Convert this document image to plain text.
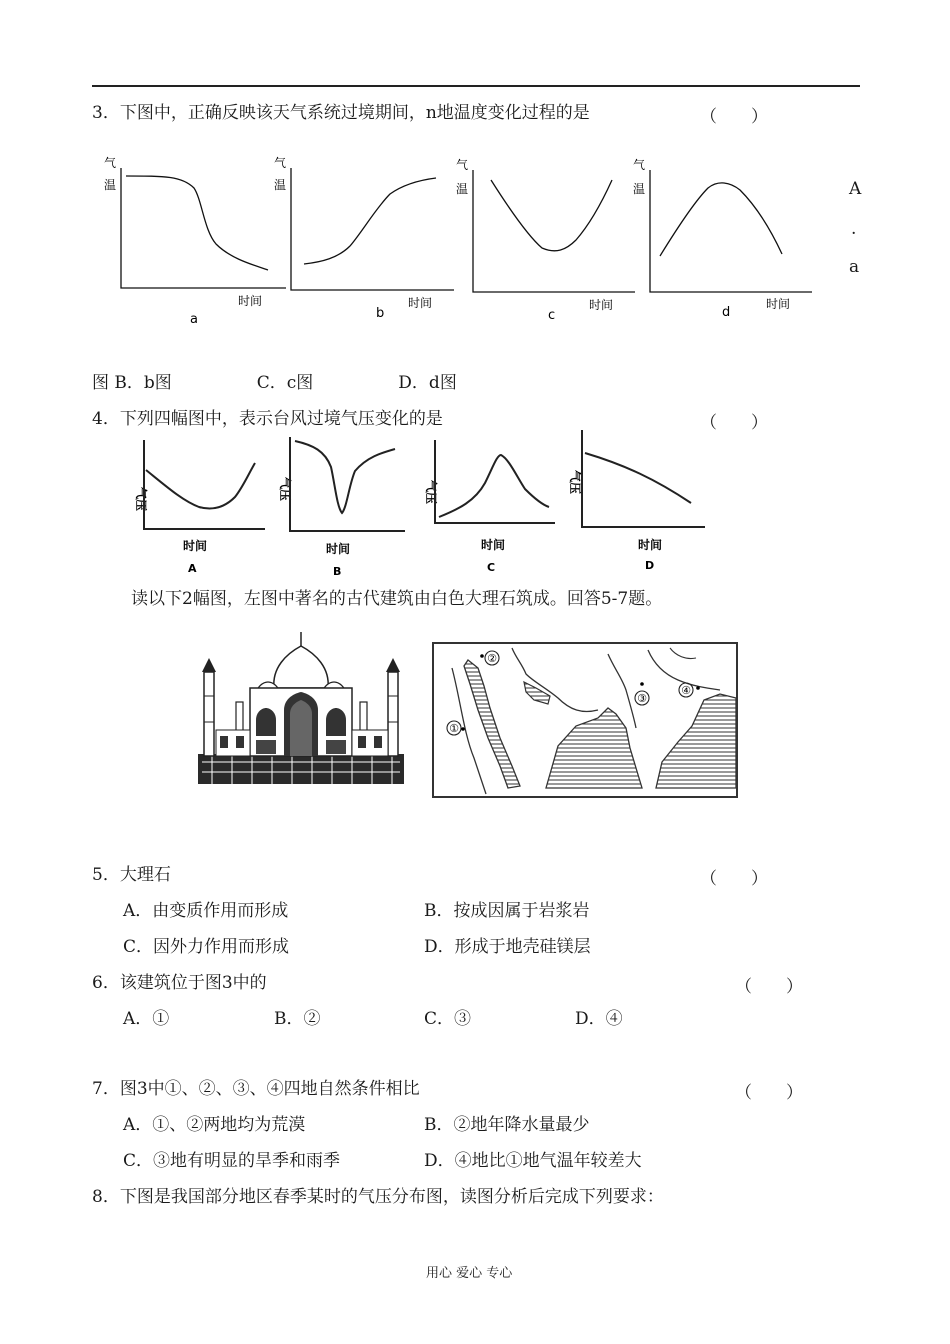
3．下图中，正确反映该天气系统过境期间，n地温度变化过程的是	（　　）
气
温
时间
a
气
温
时间
b
气
温
时间
c
气
温
时间
d
A
.
a
图 B．b图　　　　　C．c图　　　　　D．d图
4．下列四幅图中，表示台风过境气压变化的是	（　　）
气压
时间
A
气压
时间
B
气压
时间
C
气压
时间
D
读以下2幅图，左图中著名的古代建筑由白色大理石筑成。回答5-7题。
①
②
③
④
5．大理石	（　　）
A．由变质作用而形成	B．按成因属于岩浆岩
C．因外力作用而形成	D．形成于地壳硅镁层
6．该建筑位于图3中的	（　　）
A．①	B．②	C．③	D．④
7．图3中①、②、③、④四地自然条件相比	（　　）
A．①、②两地均为荒漠	B．②地年降水量最少
C．③地有明显的旱季和雨季	D．④地比①地气温年较差大
8．下图是我国部分地区春季某时的气压分布图，读图分析后完成下列要求：
用心 爱心 专心
